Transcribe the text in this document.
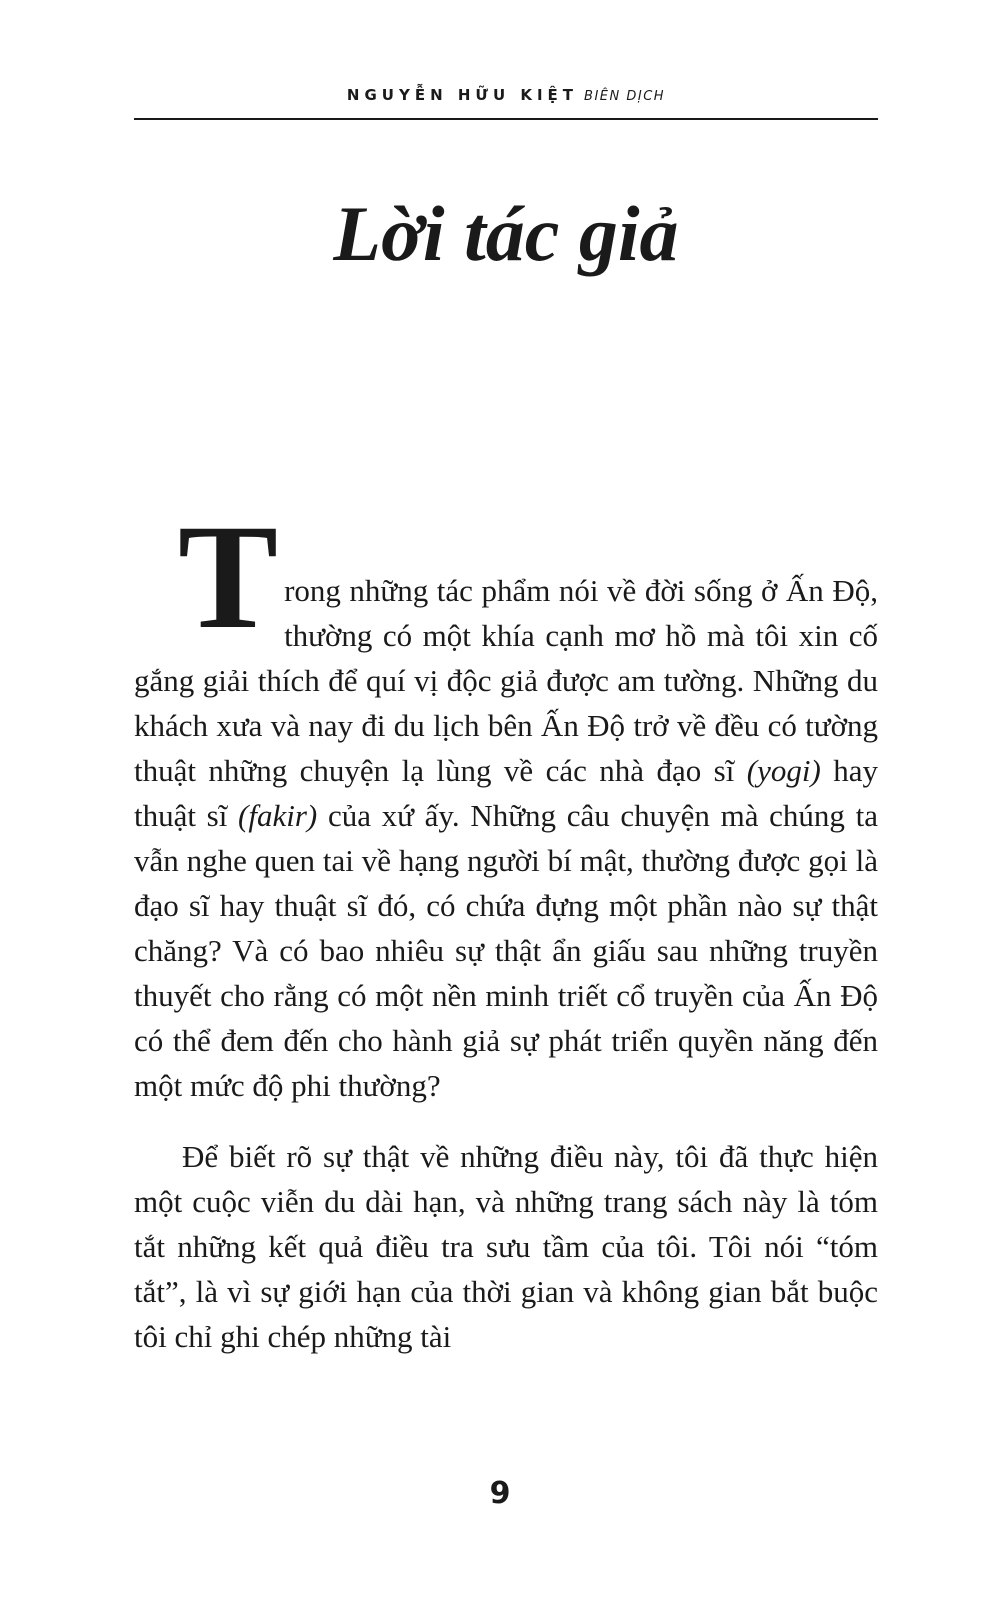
NGUYỄN HỮU KIỆT BIÊN DỊCH
Lời tác giả

Trong những tác phẩm nói về đời sống ở Ấn Độ, thường có một khía cạnh mơ hồ mà tôi xin cố gắng giải thích để quí vị độc giả được am tường. Những du khách xưa và nay đi du lịch bên Ấn Độ trở về đều có tường thuật những chuyện lạ lùng về các nhà đạo sĩ (yogi) hay thuật sĩ (fakir) của xứ ấy. Những câu chuyện mà chúng ta vẫn nghe quen tai về hạng người bí mật, thường được gọi là đạo sĩ hay thuật sĩ đó, có chứa đựng một phần nào sự thật chăng? Và có bao nhiêu sự thật ẩn giấu sau những truyền thuyết cho rằng có một nền minh triết cổ truyền của Ấn Độ có thể đem đến cho hành giả sự phát triển quyền năng đến một mức độ phi thường?

Để biết rõ sự thật về những điều này, tôi đã thực hiện một cuộc viễn du dài hạn, và những trang sách này là tóm tắt những kết quả điều tra sưu tầm của tôi. Tôi nói “tóm tắt”, là vì sự giới hạn của thời gian và không gian bắt buộc tôi chỉ ghi chép những tài

9
